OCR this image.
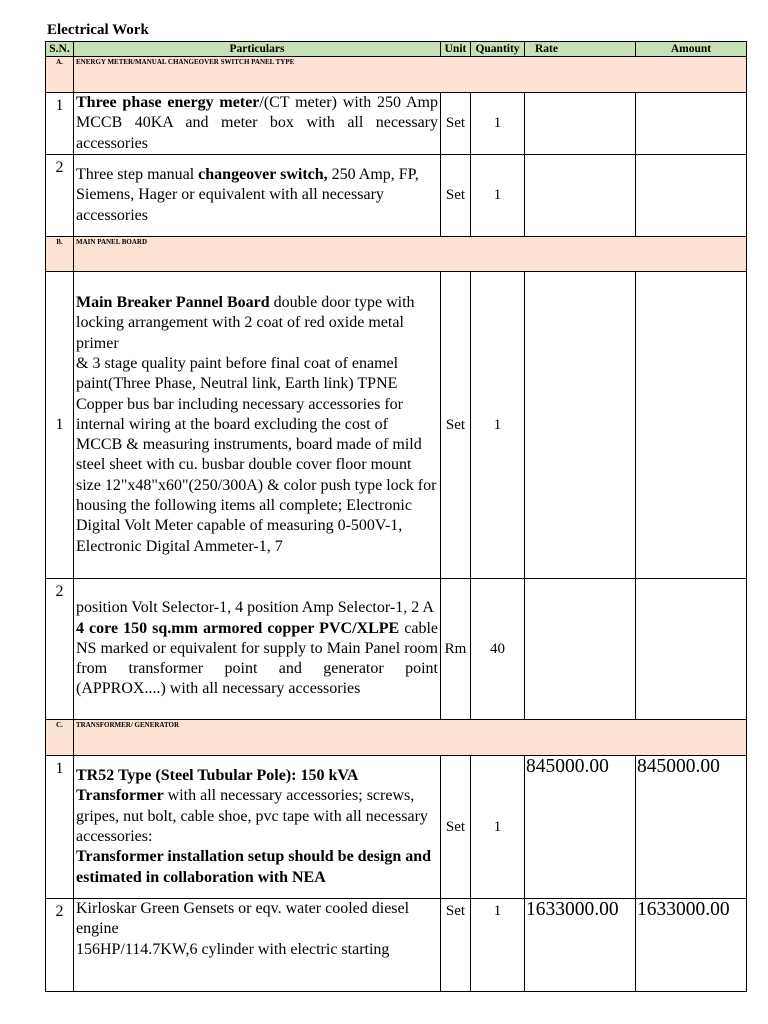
Electrical Work
S.N.	Particulars	Unit	Quantity	Rate	Amount
A.	ENERGY METER/MANUAL CHANGEOVER SWITCH PANEL TYPE				
1	Three phase energy meter/(CT meter) with 250 Amp MCCB 40KA and meter box with all necessary accessories	Set	1		
2	Three step manual changeover switch, 250 Amp, FP,
Siemens, Hager or equivalent with all necessary accessories	Set	1		
B.	MAIN PANEL BOARD				
1	Main Breaker Pannel Board double door type with locking arrangement with 2 coat of red oxide metal primer
& 3 stage quality paint before final coat of enamel paint(Three Phase, Neutral link, Earth link) TPNE Copper bus bar including necessary accessories for internal wiring at the board excluding the cost of MCCB & measuring instruments, board made of mild steel sheet with cu. busbar double cover floor mount size 12"x48"x60"(250/300A) & color push type lock for housing the following items all complete; Electronic Digital Volt Meter capable of measuring 0-500V-1, Electronic Digital Ammeter-1, 7	Set	1		
2	position Volt Selector-1, 4 position Amp Selector-1, 2 A
4 core 150 sq.mm armored copper PVC/XLPE cable NS marked or equivalent for supply to Main Panel room from transformer point and generator point (APPROX....) with all necessary accessories	Rm	40		
C.	TRANSFORMER/ GENERATOR				
1	TR52 Type (Steel Tubular Pole): 150 kVA Transformer with all necessary accessories; screws, gripes, nut bolt, cable shoe, pvc tape with all necessary accessories:
Transformer installation setup should be design and estimated in collaboration with NEA	Set	1	845000.00	845000.00
2	Kirloskar Green Gensets or eqv. water cooled diesel engine
156HP/114.7KW,6 cylinder with electric starting	Set	1	1633000.00	1633000.00
